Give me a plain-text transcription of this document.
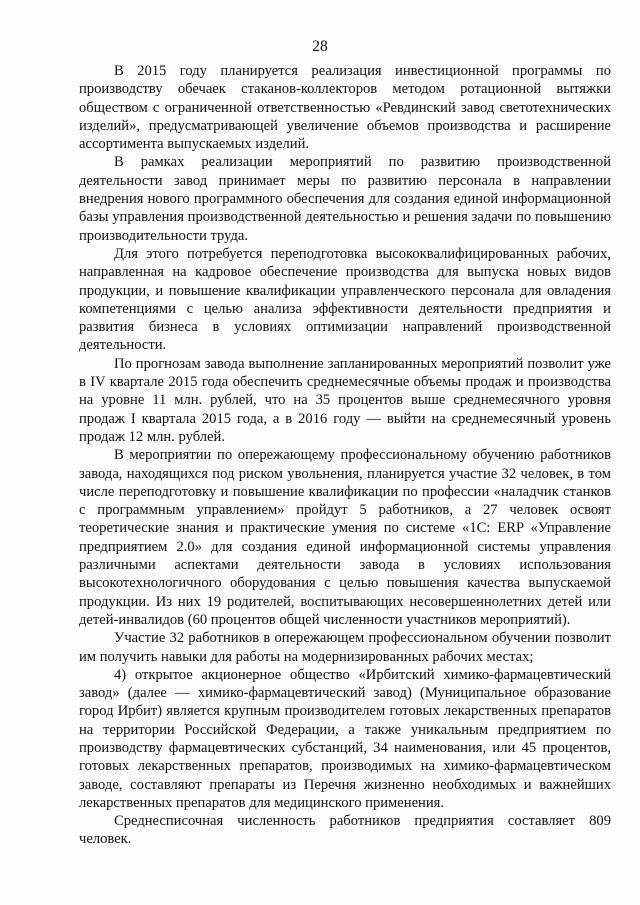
28

В 2015 году планируется реализация инвестиционной программы по производству обечаек стаканов-коллекторов методом ротационной вытяжки обществом с ограниченной ответственностью «Ревдинский завод светотехнических изделий», предусматривающей увеличение объемов производства и расширение ассортимента выпускаемых изделий.

В рамках реализации мероприятий по развитию производственной деятельности завод принимает меры по развитию персонала в направлении внедрения нового программного обеспечения для создания единой информационной базы управления производственной деятельностью и решения задачи по повышению производительности труда.

Для этого потребуется переподготовка высококвалифицированных рабочих, направленная на кадровое обеспечение производства для выпуска новых видов продукции, и повышение квалификации управленческого персонала для овладения компетенциями с целью анализа эффективности деятельности предприятия и развития бизнеса в условиях оптимизации направлений производственной деятельности.

По прогнозам завода выполнение запланированных мероприятий позволит уже в IV квартале 2015 года обеспечить среднемесячные объемы продаж и производства на уровне 11 млн. рублей, что на 35 процентов выше среднемесячного уровня продаж I квартала 2015 года, а в 2016 году — выйти на среднемесячный уровень продаж 12 млн. рублей.

В мероприятии по опережающему профессиональному обучению работников завода, находящихся под риском увольнения, планируется участие 32 человек, в том числе переподготовку и повышение квалификации по профессии «наладчик станков с программным управлением» пройдут 5 работников, а 27 человек освоят теоретические знания и практические умения по системе «1С: ERP «Управление предприятием 2.0» для создания единой информационной системы управления различными аспектами деятельности завода в условиях использования высокотехнологичного оборудования с целью повышения качества выпускаемой продукции. Из них 19 родителей, воспитывающих несовершеннолетних детей или детей-инвалидов (60 процентов общей численности участников мероприятий).

Участие 32 работников в опережающем профессиональном обучении позволит им получить навыки для работы на модернизированных рабочих местах;

4) открытое акционерное общество «Ирбитский химико-фармацевтический завод» (далее — химико-фармацевтический завод) (Муниципальное образование город Ирбит) является крупным производителем готовых лекарственных препаратов на территории Российской Федерации, а также уникальным предприятием по производству фармацевтических субстанций, 34 наименования, или 45 процентов, готовых лекарственных препаратов, производимых на химико-фармацевтическом заводе, составляют препараты из Перечня жизненно необходимых и важнейших лекарственных препаратов для медицинского применения.

Среднесписочная численность работников предприятия составляет 809 человек.
